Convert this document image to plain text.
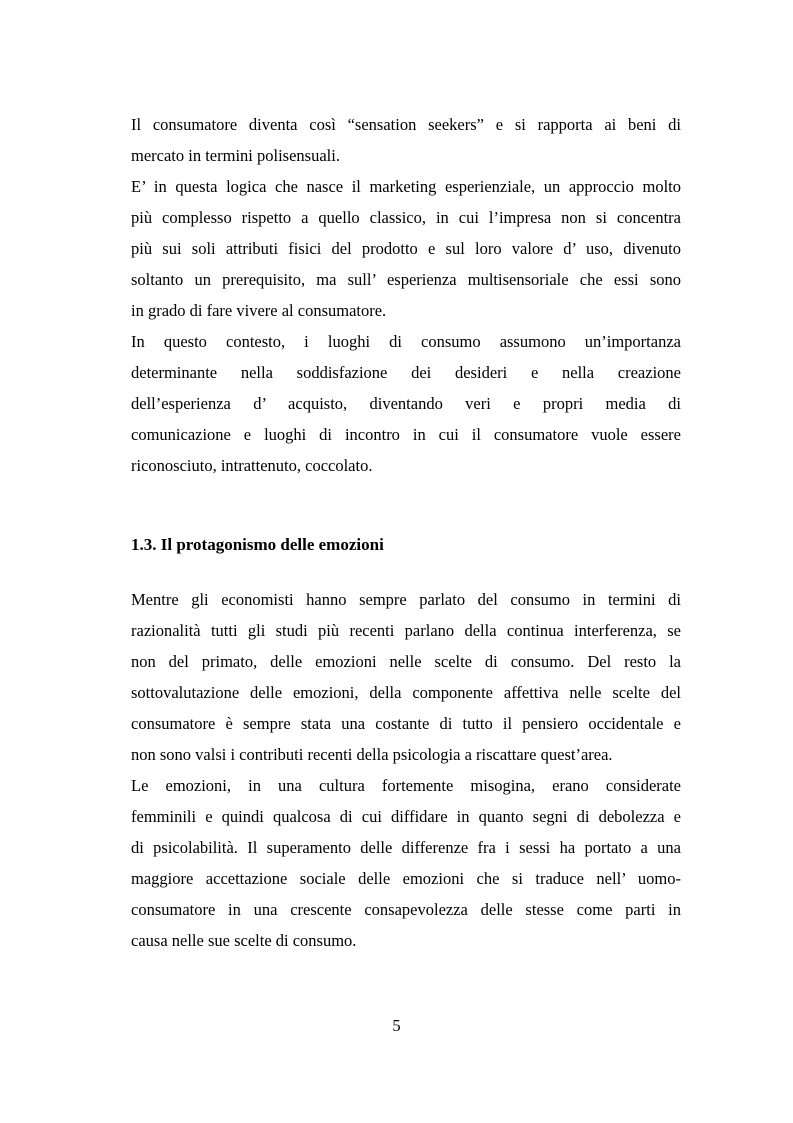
Il consumatore diventa così “sensation seekers” e si rapporta ai beni di
mercato in termini polisensuali.
E’ in questa logica che nasce il marketing esperienziale, un approccio molto
più complesso rispetto a quello classico, in cui l’impresa non si concentra
più sui soli attributi fisici del prodotto e sul loro valore d’ uso, divenuto
soltanto un prerequisito, ma sull’ esperienza multisensoriale che essi sono
in grado di fare vivere al consumatore.
In questo contesto, i luoghi di consumo assumono un’importanza
determinante nella soddisfazione dei desideri e nella creazione
dell’esperienza d’ acquisto, diventando veri e propri media di
comunicazione e luoghi di incontro in cui il consumatore vuole essere
riconosciuto, intrattenuto, coccolato.
1.3. Il protagonismo delle emozioni
Mentre gli economisti hanno sempre parlato del consumo in termini di
razionalità tutti gli studi più recenti parlano della continua interferenza, se
non del primato, delle emozioni nelle scelte di consumo. Del resto la
sottovalutazione delle emozioni, della componente affettiva nelle scelte del
consumatore è sempre stata una costante di tutto il pensiero occidentale e
non sono valsi i contributi recenti della psicologia a riscattare quest’area.
Le emozioni, in una cultura fortemente misogina, erano considerate
femminili e quindi qualcosa di cui diffidare in quanto segni di debolezza e
di psicolabilità. Il superamento delle differenze fra i sessi ha portato a una
maggiore accettazione sociale delle emozioni che si traduce nell’ uomo-
consumatore in una crescente consapevolezza delle stesse come parti in
causa nelle sue scelte di consumo.
5
